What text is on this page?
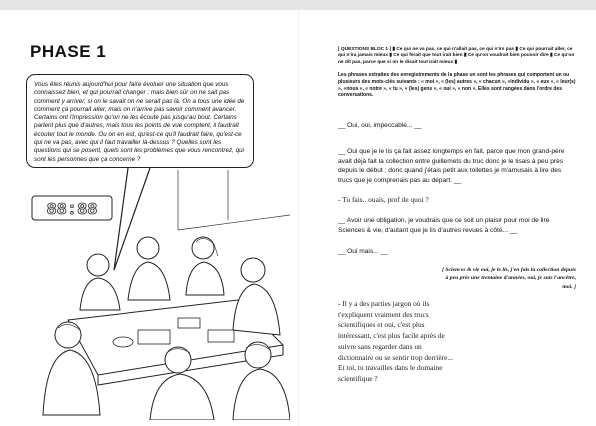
PHASE 1
Vous êtes réunis aujourd'hui pour faire évoluer une situation que vous connaissez bien, et qui pourrait changer ; mais bien sûr on ne sait pas comment y arriver, si on le savait on ne serait pas là. On a tous une idée de comment ça pourrait aller, mais on n'arrive pas savoir comment avancer. Certains ont l'impression qu'on ne les écoute pas jusqu'au bout. Certains parlent plus que d'autres, mais tous les points de vue comptent, il faudrait écouter tout le monde. Ou on en est, qu'est-ce qu'il faudrait faire, qu'est-ce qui ne va pas, avec qui il faut travailler là-dessus ? Quelles sont les questions qui se posent, quels sont les problèmes que vous rencontrez, qui sont les personnes que ça concerne ?
88:88
[ QUESTIONS BLOC 1 ] ▮ Ce qui ne va pas, ce qui n'allait pas, ce qui n'irs pas ▮ Ce qui pourrait aller, ce qui n'ira jamais mieux ▮ Ce qui ferait que tout irait bien ▮ Ce qu'on voudrait bien pouvoir dire ▮ Ce qu'on ne dit pas, parce que si on le disait tout irait mieux ▮
Les phrases extraites des enregistrements de la phase un sont les phrases qui comportent un ou plusieurs des mots-clés suivants : « moi », « (les) autres », « chacun », «individu », « eux », « leur(s) », «nous », « notre », « tu », « (les) gens », « oui », « non ». Elles sont rangées dans l'ordre des conversations.
__ Oui, oui, impeccable... __
__ Oui que je le lis ça fait assez longtemps en fait, parce que mon grand-père avait déjà fait la collection entre guillemets du truc donc je le lisais à peu près depuis le début ; donc quand j'étais petit aux toilettes je m'amusais à lire des trucs que je comprenais pas au départ. __
- Tu fais.. ouais, prof de quoi ?
__ Avoir une obligation, je voudrais que ce soit un plaisir pour moi de lire Sciences & vie, d'autant que je lis d'autres revues à côté... __
__ Oui mais... __
[ Sciences & vie oui, je le lis, j'en fais la collection depuis à peu près une trentaine d'années, oui, je suis l'ancêtre, moi. ]
- Il y a des parties jargon où ils t'expliquent vraiment des trucs scientifiques et oui, c'est plus intéressant, c'est plus facile après de suivre sans regarder dans un dictionnaire ou se sentir trop derrière... Et toi, tu travailles dans le domaine scientifique ?
